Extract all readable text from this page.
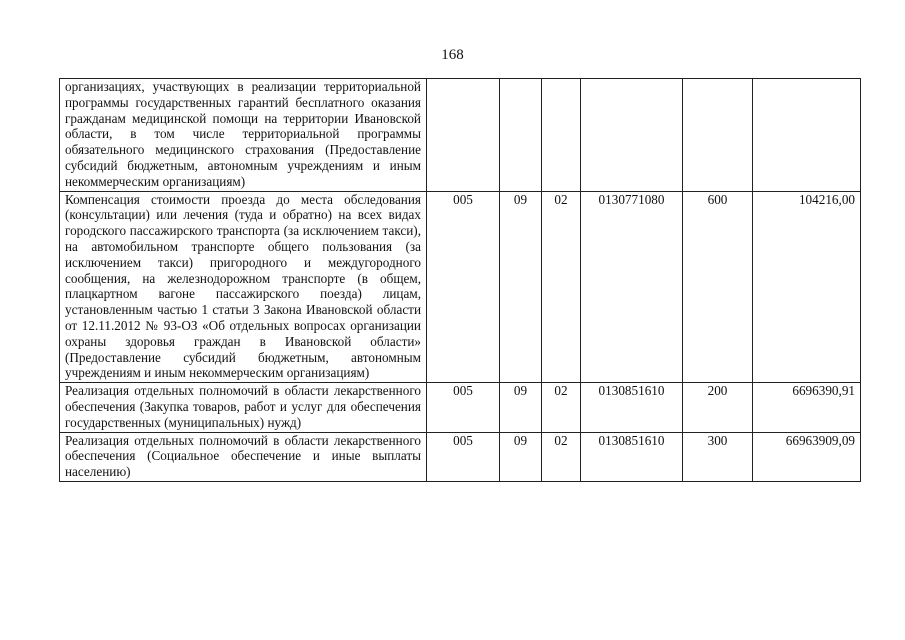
168
организациях, участвующих в реализации территориальной программы государственных гарантий бесплатного оказания гражданам медицинской помощи на территории Ивановской области, в том числе территориальной программы обязательного медицинского страхования (Предоставление субсидий бюджетным, автономным учреждениям и иным некоммерческим организациям)						
Компенсация стоимости проезда до места обследования (консультации) или лечения (туда и обратно) на всех видах городского пассажирского транспорта (за исключением такси), на автомобильном транспорте общего пользования (за исключением такси) пригородного и междугородного сообщения, на железнодорожном транспорте (в общем, плацкартном вагоне пассажирского поезда) лицам, установленным частью 1 статьи 3 Закона Ивановской области от 12.11.2012 № 93-ОЗ «Об отдельных вопросах организации охраны здоровья граждан в Ивановской области» (Предоставление субсидий бюджетным, автономным учреждениям и иным некоммерческим организациям)	005	09	02	0130771080	600	104216,00
Реализация отдельных полномочий в области лекарственного обеспечения (Закупка товаров, работ и услуг для обеспечения государственных (муниципальных) нужд)	005	09	02	0130851610	200	6696390,91
Реализация отдельных полномочий в области лекарственного обеспечения (Социальное обеспечение и иные выплаты населению)	005	09	02	0130851610	300	66963909,09
